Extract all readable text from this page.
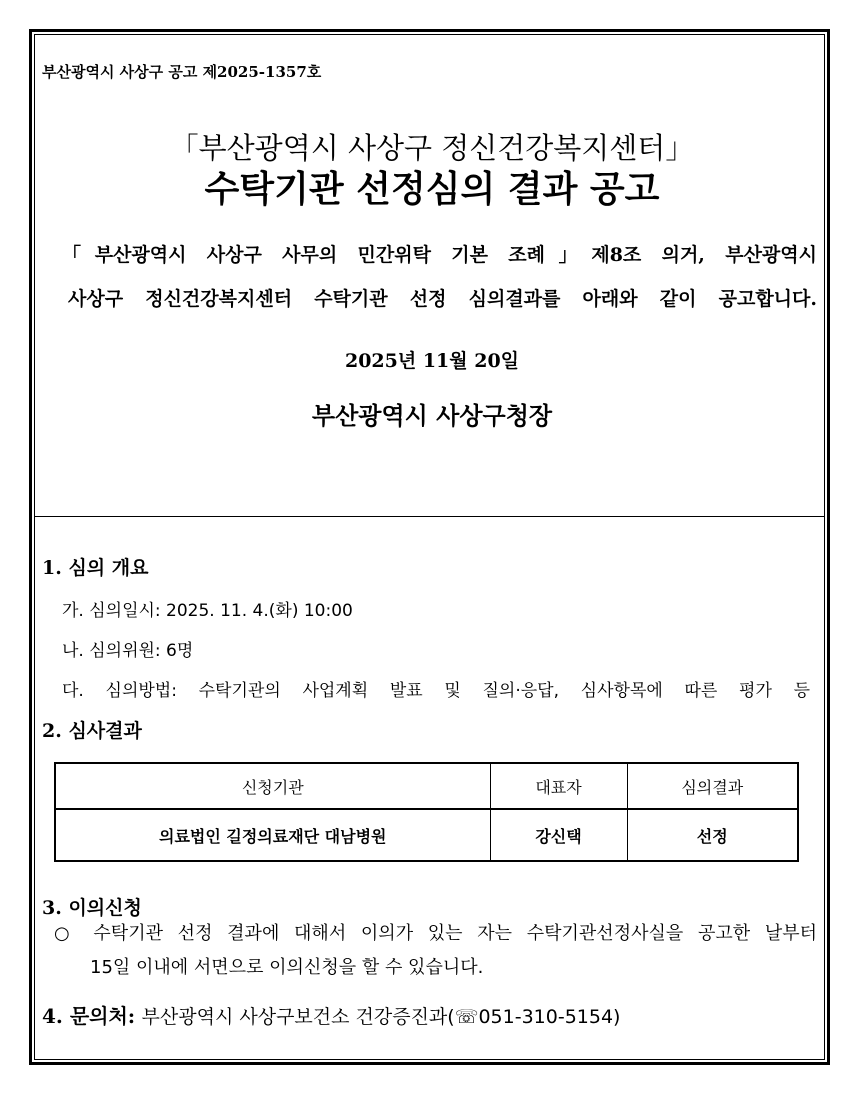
부산광역시 사상구 공고 제2025-1357호
「부산광역시 사상구 정신건강복지센터」
수탁기관 선정심의 결과 공고
「부산광역시 사상구 사무의 민간위탁 기본 조례」제8조 의거, 부산광역시
사상구 정신건강복지센터 수탁기관 선정 심의결과를 아래와 같이 공고합니다.
2025년 11월 20일
부산광역시 사상구청장
1. 심의 개요
가. 심의일시: 2025. 11. 4.(화) 10:00
나. 심의위원: 6명
다. 심의방법: 수탁기관의 사업계획 발표 및 질의·응답, 심사항목에 따른 평가 등
2. 심사결과
신청기관	대표자	심의결과
의료법인 길정의료재단 대남병원	강신택	선정
3. 이의신청
○ 수탁기관 선정 결과에 대해서 이의가 있는 자는 수탁기관선정사실을 공고한 날부터
15일 이내에 서면으로 이의신청을 할 수 있습니다.
4. 문의처: 부산광역시 사상구보건소 건강증진과(☏051-310-5154)
